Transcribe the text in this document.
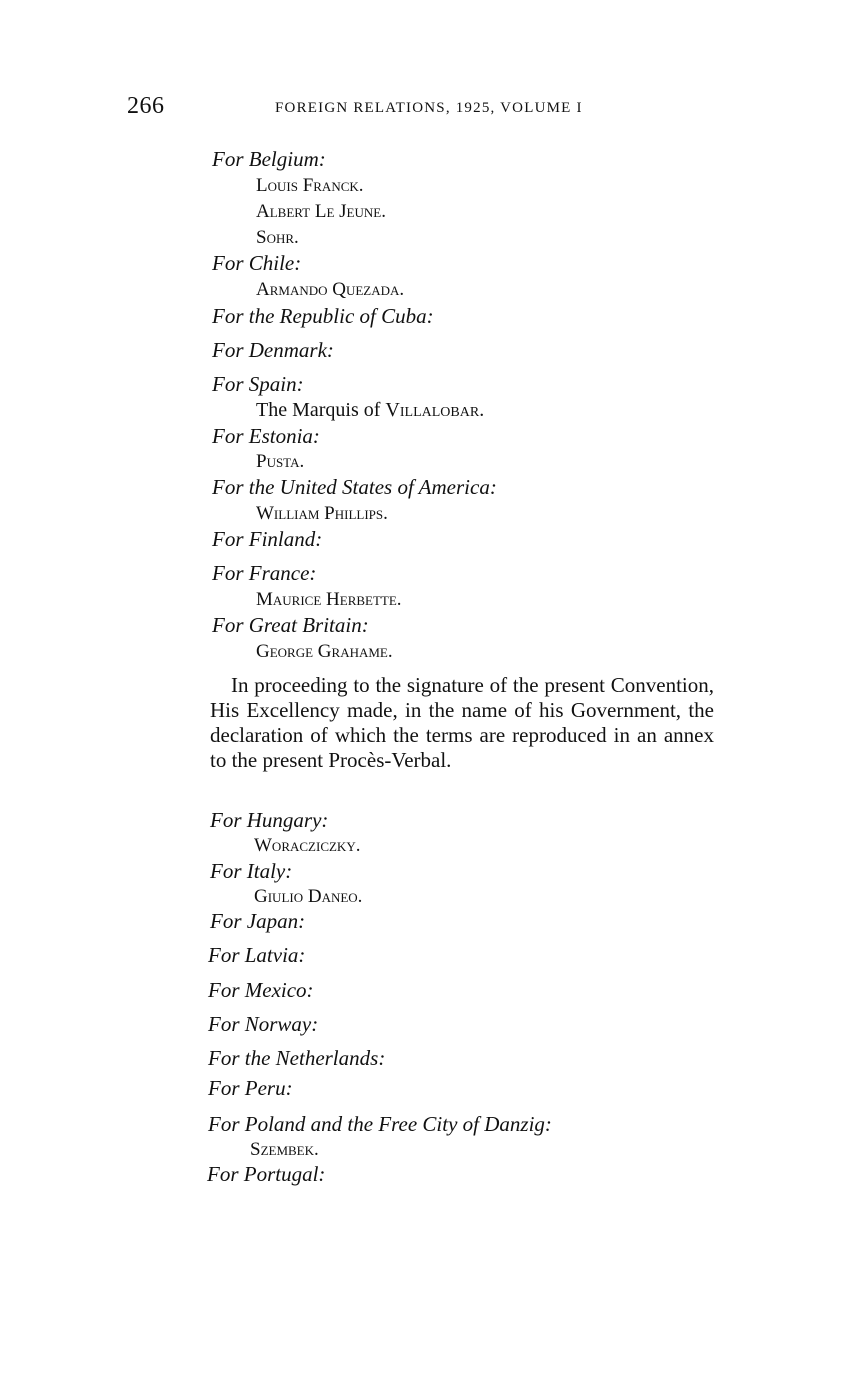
266	FOREIGN RELATIONS, 1925, VOLUME I
For Belgium:
Louis Franck.
Albert Le Jeune.
Sohr.
For Chile:
Armando Quezada.
For the Republic of Cuba:
For Denmark:
For Spain:
The Marquis of Villalobar.
For Estonia:
Pusta.
For the United States of America:
William Phillips.
For Finland:
For France:
Maurice Herbette.
For Great Britain:
George Grahame.
In proceeding to the signature of the present Convention, His Excellency made, in the name of his Government, the declaration of which the terms are reproduced in an annex to the present Procès-Verbal.
For Hungary:
Woracziczky.
For Italy:
Giulio Daneo.
For Japan:
For Latvia:
For Mexico:
For Norway:
For the Netherlands:
For Peru:
For Poland and the Free City of Danzig:
Szembek.
For Portugal:
